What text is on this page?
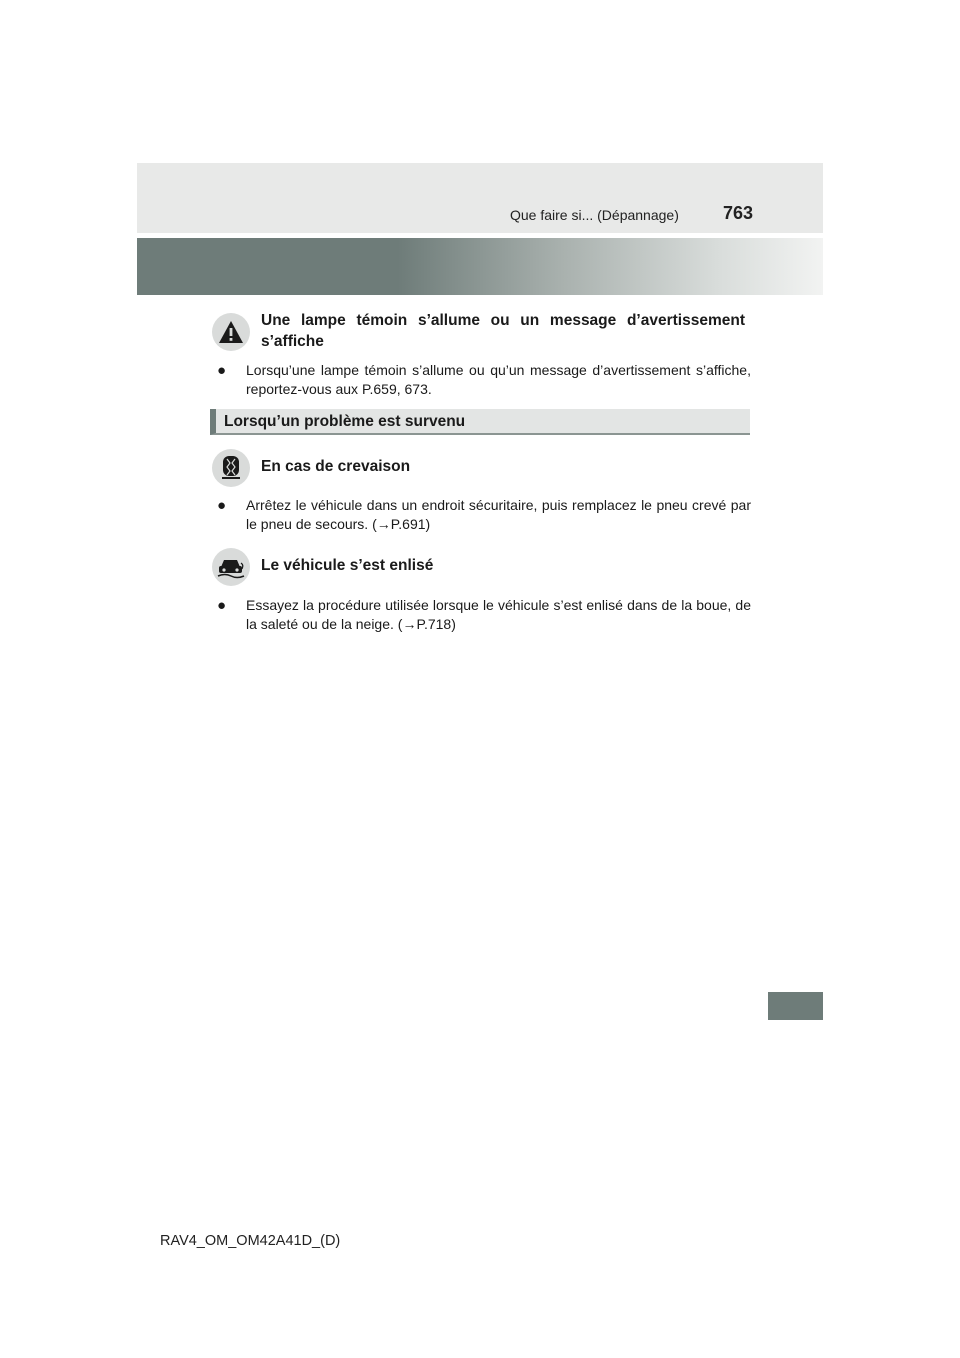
Que faire si... (Dépannage) 763
Une lampe témoin s’allume ou un message d’avertissement
s’affiche
● Lorsqu’une lampe témoin s’allume ou qu’un message d’avertissement s’affiche, reportez-vous aux P.659, 673.
Lorsqu’un problème est survenu
En cas de crevaison
● Arrêtez le véhicule dans un endroit sécuritaire, puis remplacez le pneu crevé par le pneu de secours. (→P.691)
Le véhicule s’est enlisé
● Essayez la procédure utilisée lorsque le véhicule s’est enlisé dans de la boue, de la saleté ou de la neige. (→P.718)
RAV4_OM_OM42A41D_(D)
